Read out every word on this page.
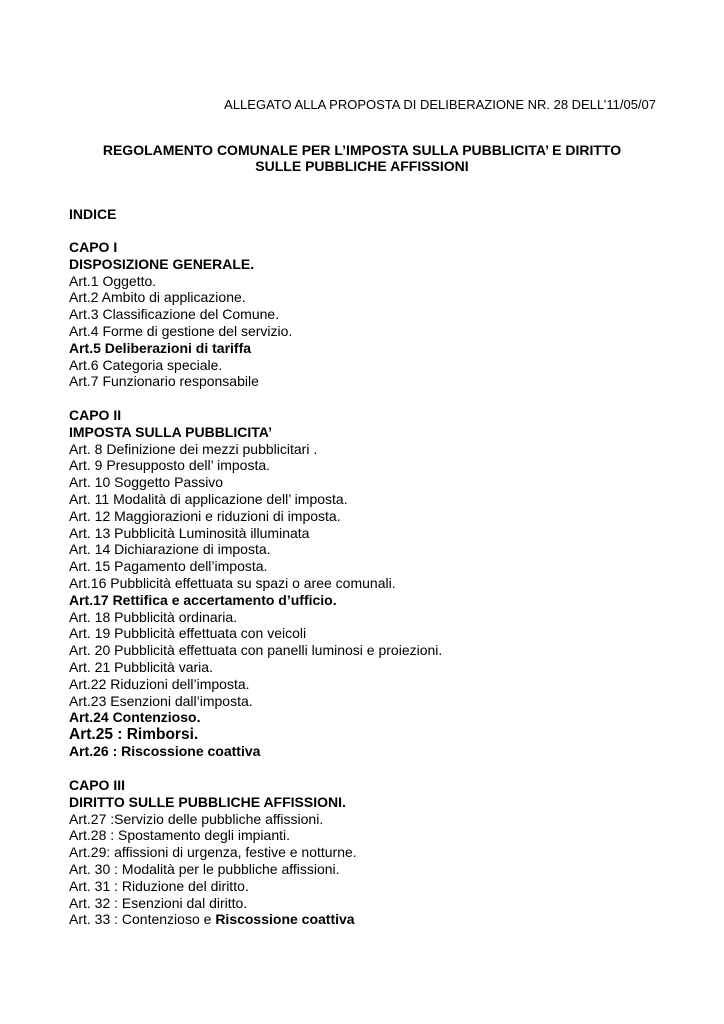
ALLEGATO ALLA PROPOSTA DI DELIBERAZIONE NR. 28 DELL’11/05/07
REGOLAMENTO COMUNALE PER L’IMPOSTA SULLA PUBBLICITA’ E DIRITTO
SULLE PUBBLICHE AFFISSIONI
INDICE
CAPO I
DISPOSIZIONE GENERALE.
Art.1 Oggetto.
Art.2 Ambito di applicazione.
Art.3 Classificazione del Comune.
Art.4 Forme di gestione del servizio.
Art.5 Deliberazioni di tariffa
Art.6 Categoria speciale.
Art.7 Funzionario responsabile
CAPO II
IMPOSTA SULLA PUBBLICITA’
Art. 8 Definizione dei mezzi pubblicitari .
Art. 9 Presupposto dell’ imposta.
Art. 10 Soggetto Passivo
Art. 11 Modalità di applicazione dell’ imposta.
Art. 12 Maggiorazioni e riduzioni di imposta.
Art. 13 Pubblicità Luminosità illuminata
Art. 14 Dichiarazione di imposta.
Art. 15 Pagamento dell’imposta.
Art.16 Pubblicità effettuata su spazi o aree comunali.
Art.17 Rettifica e accertamento d’ufficio.
Art. 18 Pubblicità ordinaria.
Art. 19 Pubblicità effettuata con veicoli
Art. 20 Pubblicità effettuata con panelli luminosi e proiezioni.
Art. 21 Pubblicità varia.
Art.22 Riduzioni dell’imposta.
Art.23 Esenzioni dall’imposta.
Art.24 Contenzioso.
Art.25 : Rimborsi.
Art.26 : Riscossione coattiva
CAPO III
DIRITTO SULLE PUBBLICHE AFFISSIONI.
Art.27 :Servizio delle pubbliche affissioni.
Art.28 : Spostamento degli impianti.
Art.29: affissioni di urgenza, festive e notturne.
Art. 30 : Modalità per le pubbliche affissioni.
Art. 31 : Riduzione del diritto.
Art. 32 : Esenzioni dal diritto.
Art. 33 : Contenzioso e Riscossione coattiva
